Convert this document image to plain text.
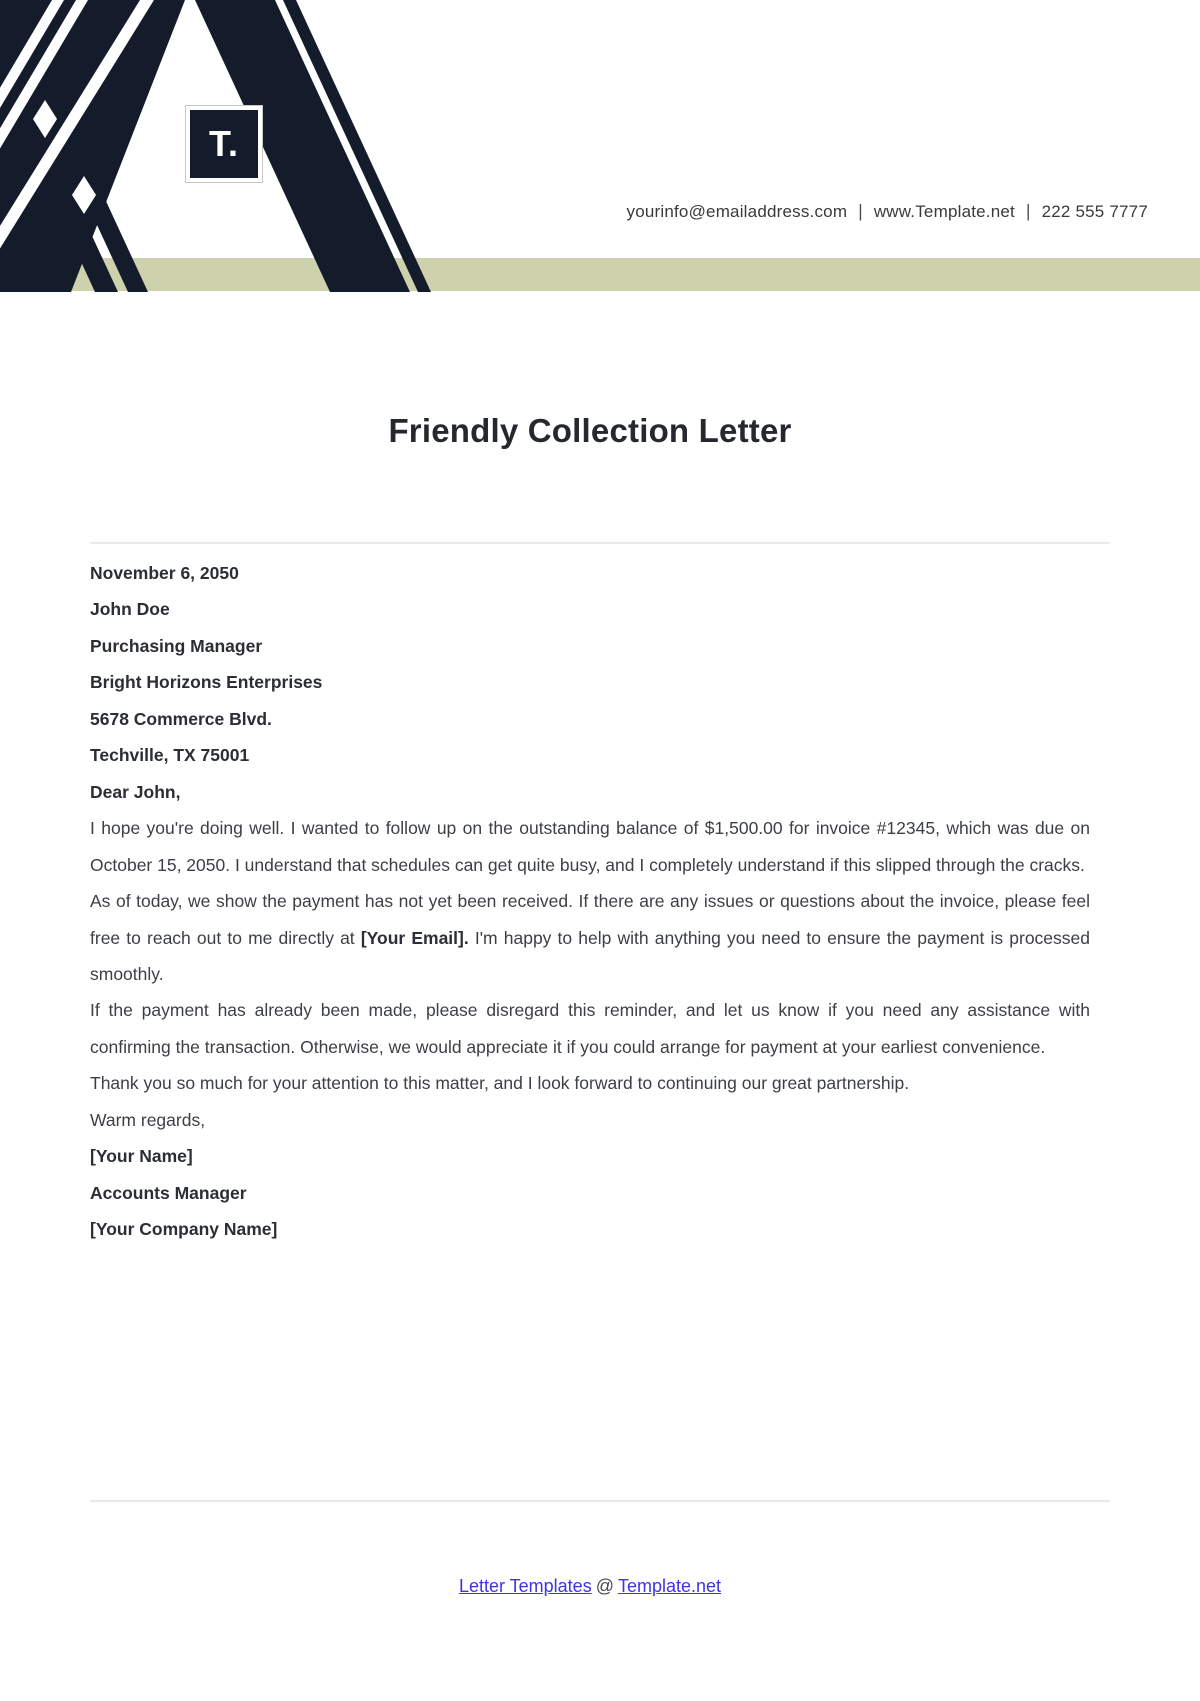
T.
yourinfo@emailaddress.com | www.Template.net | 222 555 7777
Friendly Collection Letter
November 6, 2050
John Doe
Purchasing Manager
Bright Horizons Enterprises
5678 Commerce Blvd.
Techville, TX 75001
Dear John,

I hope you're doing well. I wanted to follow up on the outstanding balance of $1,500.00 for invoice #12345, which was due on October 15, 2050. I understand that schedules can get quite busy, and I completely understand if this slipped through the cracks.

As of today, we show the payment has not yet been received. If there are any issues or questions about the invoice, please feel free to reach out to me directly at [Your Email]. I'm happy to help with anything you need to ensure the payment is processed smoothly.

If the payment has already been made, please disregard this reminder, and let us know if you need any assistance with confirming the transaction. Otherwise, we would appreciate it if you could arrange for payment at your earliest convenience.

Thank you so much for your attention to this matter, and I look forward to continuing our great partnership.

Warm regards,
[Your Name]
Accounts Manager
[Your Company Name]
Letter Templates @ Template.net
